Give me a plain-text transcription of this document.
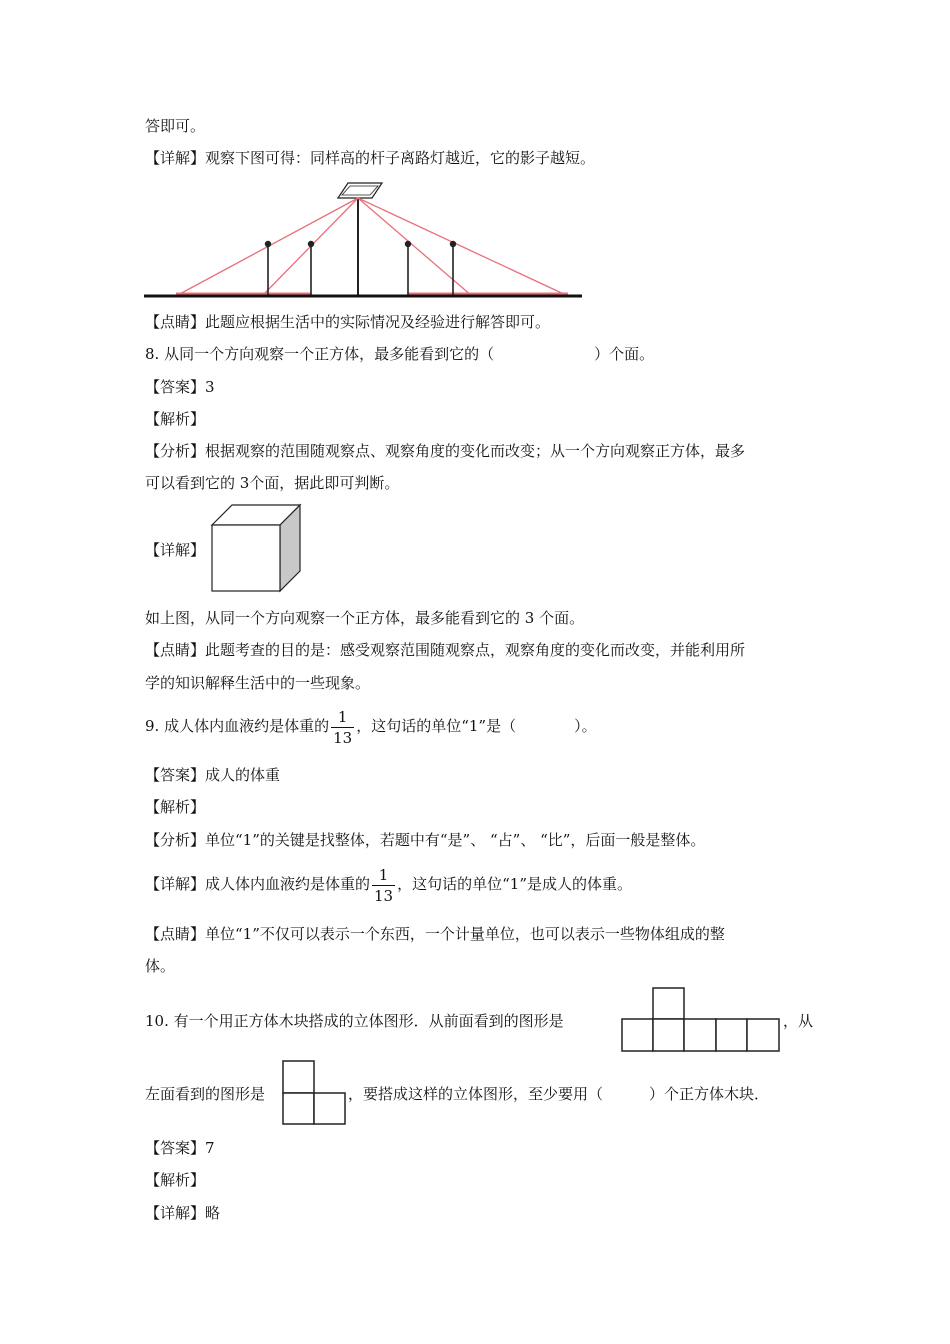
答即可。
【详解】观察下图可得：同样高的杆子离路灯越近，它的影子越短。
【点睛】此题应根据生活中的实际情况及经验进行解答即可。
8. 从同一个方向观察一个正方体，最多能看到它的（	）个面。
【答案】3
【解析】
【分析】根据观察的范围随观察点、观察角度的变化而改变；从一个方向观察正方体，最多
可以看到它的 3个面，据此即可判断。
【详解】
如上图，从同一个方向观察一个正方体，最多能看到它的 3 个面。
【点睛】此题考查的目的是：感受观察范围随观察点，观察角度的变化而改变，并能利用所
学的知识解释生活中的一些现象。
9. 成人体内血液约是体重的 $\frac{1}{13}$ ，这句话的单位“1”是（	）。
【答案】成人的体重
【解析】
【分析】单位“1”的关键是找整体，若题中有“是”、 “占”、 “比”，后面一般是整体。
【详解】成人体内血液约是体重的 $\frac{1}{13}$ ，这句话的单位“1”是成人的体重。
【点睛】单位“1”不仅可以表示一个东西，一个计量单位，也可以表示一些物体组成的整
体。
10. 有一个用正方体木块搭成的立体图形．从前面看到的图形是	，从
左面看到的图形是	，要搭成这样的立体图形，至少要用（	）个正方体木块．
【答案】7
【解析】
【详解】略
